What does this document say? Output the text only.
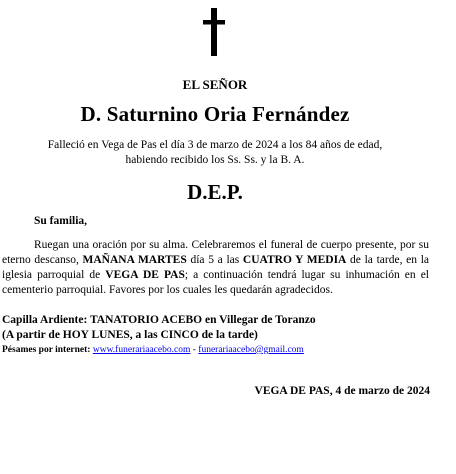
EL SEÑOR
D. Saturnino Oria Fernández
Falleció en Vega de Pas el día 3 de marzo de 2024 a los 84 años de edad,
habiendo recibido los Ss. Ss. y la B. A.
D.E.P.
Su familia,
Ruegan una oración por su alma. Celebraremos el funeral de cuerpo presente, por su eterno descanso, MAÑANA MARTES día 5 a las CUATRO Y MEDIA de la tarde, en la iglesia parroquial de VEGA DE PAS; a continuación tendrá lugar su inhumación en el cementerio parroquial. Favores por los cuales les quedarán agradecidos.
Capilla Ardiente: TANATORIO ACEBO en Villegar de Toranzo
(A partir de HOY LUNES, a las CINCO de la tarde)
Pésames por internet: www.funerariaacebo.com - funerariaacebo@gmail.com
VEGA DE PAS, 4 de marzo de 2024
